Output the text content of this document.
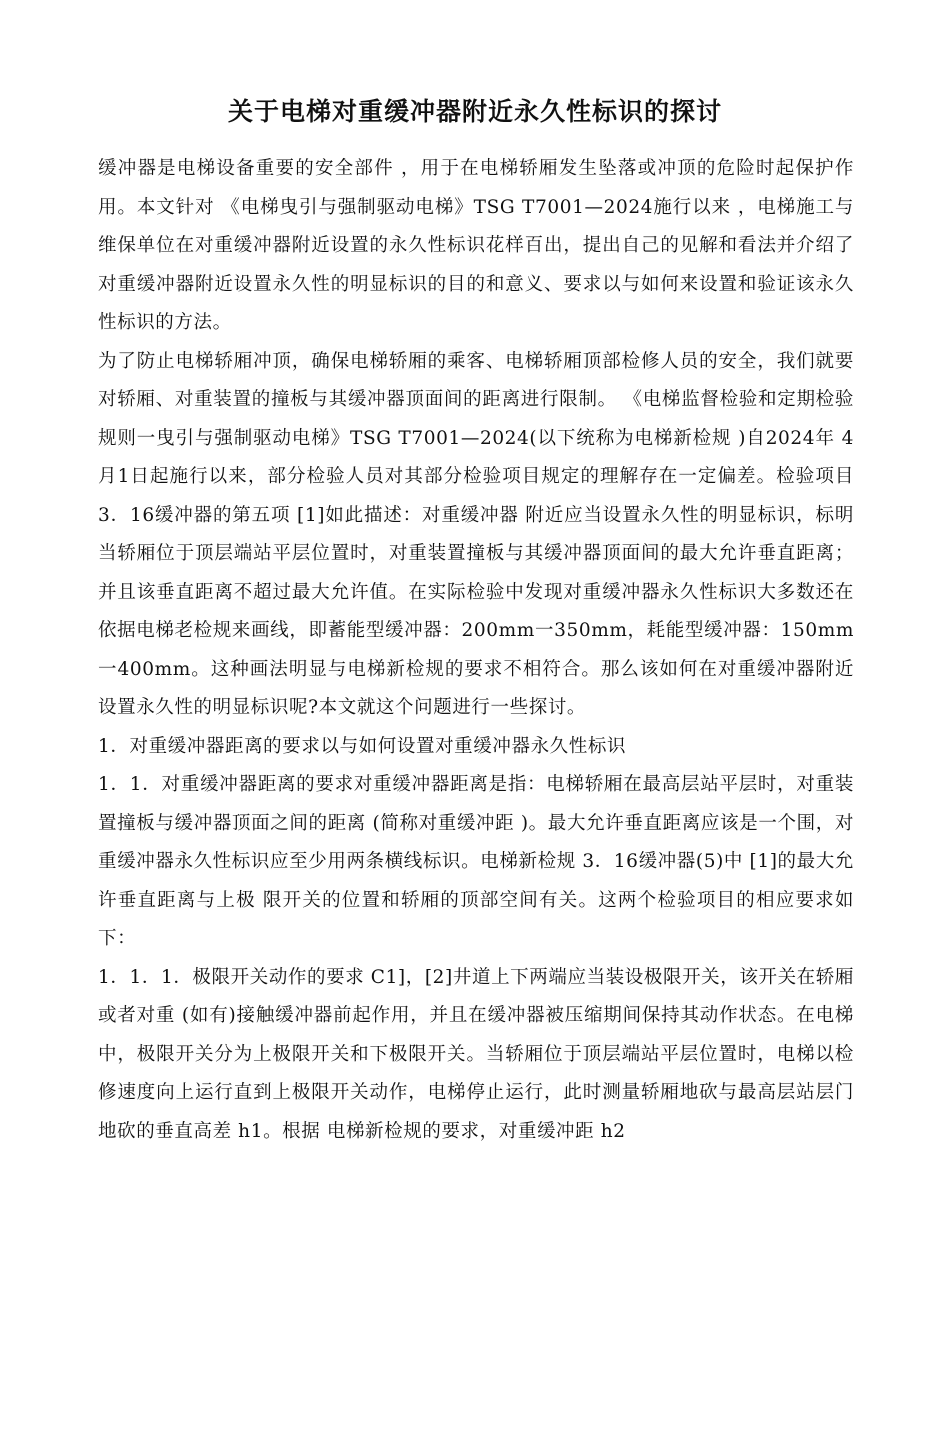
关于电梯对重缓冲器附近永久性标识的探讨

缓冲器是电梯设备重要的安全部件 ，用于在电梯轿厢发生坠落或冲顶的危险时起保护作用。本文针对 《电梯曳引与强制驱动电梯》TSG T7001—2024施行以来 ，电梯施工与维保单位在对重缓冲器附近设置的永久性标识花样百出，提出自己的见解和看法并介绍了对重缓冲器附近设置永久性的明显标识的目的和意义、要求以与如何来设置和验证该永久性标识的方法。

为了防止电梯轿厢冲顶，确保电梯轿厢的乘客、电梯轿厢顶部检修人员的安全，我们就要对轿厢、对重装置的撞板与其缓冲器顶面间的距离进行限制。 《电梯监督检验和定期检验规则一曳引与强制驱动电梯》TSG T7001—2024(以下统称为电梯新检规 )自2024年 4月1日起施行以来，部分检验人员对其部分检验项目规定的理解存在一定偏差。检验项目3．16缓冲器的第五项 [1]如此描述：对重缓冲器 附近应当设置永久性的明显标识，标明当轿厢位于顶层端站平层位置时，对重装置撞板与其缓冲器顶面间的最大允许垂直距离；并且该垂直距离不超过最大允许值。在实际检验中发现对重缓冲器永久性标识大多数还在依据电梯老检规来画线，即蓄能型缓冲器：200mm一350mm，耗能型缓冲器：150mm一400mm。这种画法明显与电梯新检规的要求不相符合。那么该如何在对重缓冲器附近设置永久性的明显标识呢?本文就这个问题进行一些探讨。

1．对重缓冲器距离的要求以与如何设置对重缓冲器永久性标识

1．1．对重缓冲器距离的要求对重缓冲器距离是指：电梯轿厢在最高层站平层时，对重装置撞板与缓冲器顶面之间的距离 (简称对重缓冲距 )。最大允许垂直距离应该是一个围，对重缓冲器永久性标识应至少用两条横线标识。电梯新检规 3．16缓冲器(5)中 [1]的最大允许垂直距离与上极 限开关的位置和轿厢的顶部空间有关。这两个检验项目的相应要求如下：

1．1．1．极限开关动作的要求 C1]，[2]井道上下两端应当装设极限开关，该开关在轿厢或者对重 (如有)接触缓冲器前起作用，并且在缓冲器被压缩期间保持其动作状态。在电梯中，极限开关分为上极限开关和下极限开关。当轿厢位于顶层端站平层位置时，电梯以检修速度向上运行直到上极限开关动作，电梯停止运行，此时测量轿厢地砍与最高层站层门地砍的垂直高差 h1。根据 电梯新检规的要求，对重缓冲距 h2
